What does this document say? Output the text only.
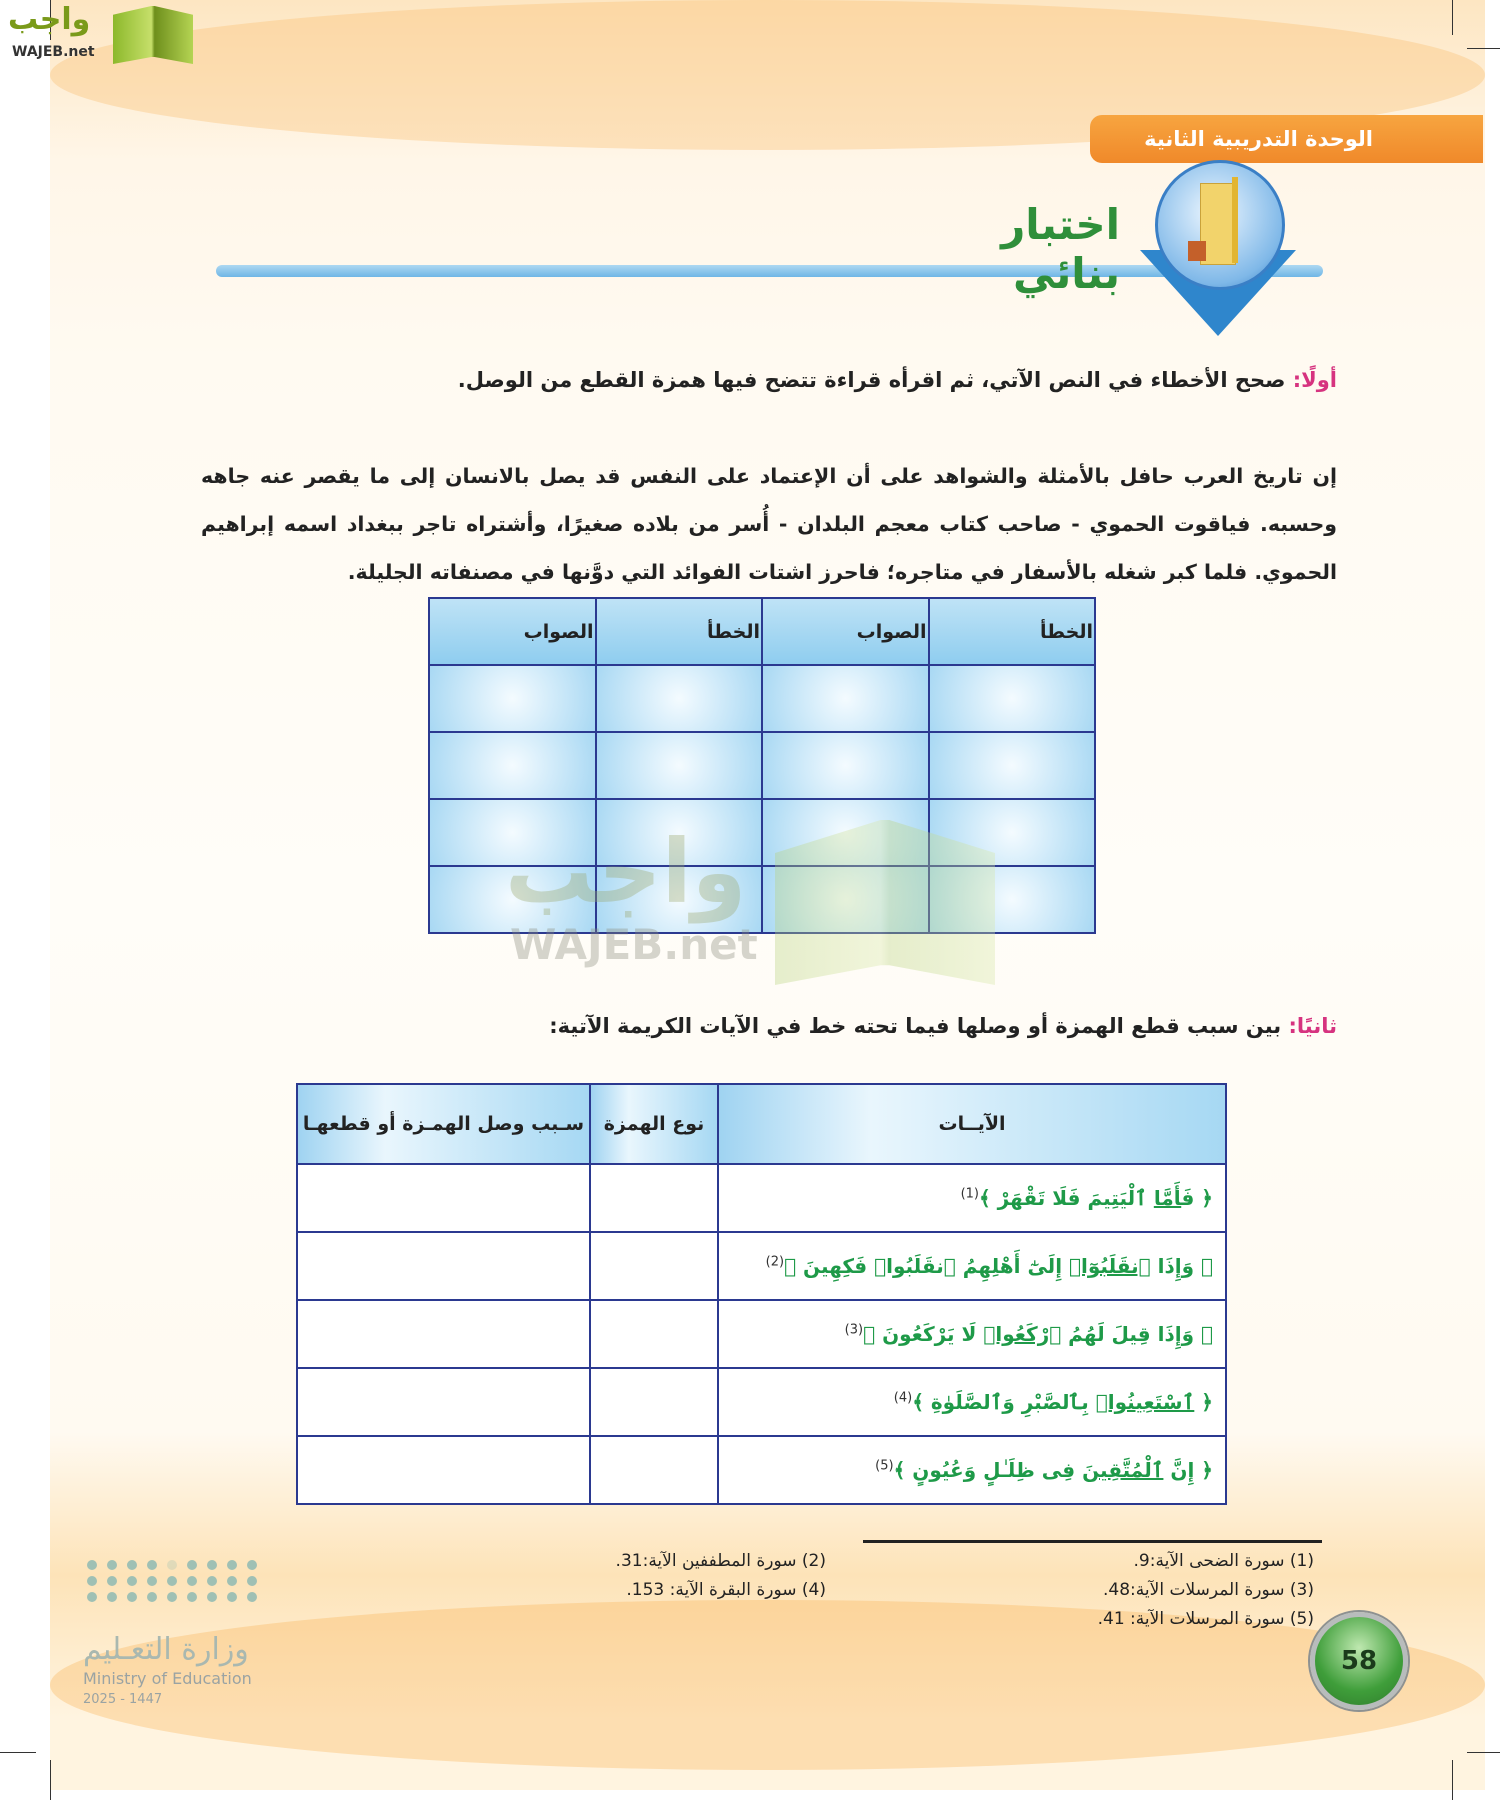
واجب
WAJEB.net
الوحدة التدريبية الثانية
اختبار بنائي
أولًا: صحح الأخطاء في النص الآتي، ثم اقرأه قراءة تتضح فيها همزة القطع من الوصل.
إن تاريخ العرب حافل بالأمثلة والشواهد على أن الإعتماد على النفس قد يصل بالانسان إلى ما يقصر عنه جاهه وحسبه. فياقوت الحموي - صاحب كتاب معجم البلدان - أُسر من بلاده صغيرًا، وأشتراه تاجر ببغداد اسمه إبراهيم الحموي. فلما كبر شغله بالأسفار في متاجره؛ فاحرز اشتات الفوائد التي دوَّنها في مصنفاته الجليلة.
الخطأ	الصواب	الخطأ	الصواب

واجب
WAJEB.net
ثانيًا: بين سبب قطع الهمزة أو وصلها فيما تحته خط في الآيات الكريمة الآتية:
الآيــات	نوع الهمزة	سـبب وصل الهمـزة أو قطعهـا
﴿ فَأَمَّا ٱلْيَتِيمَ فَلَا تَقْهَرْ ﴾$^{(1)}$		
﴿ وَإِذَا ٱنقَلَبُوٓا۟ إِلَىٰٓ أَهْلِهِمُ ٱنقَلَبُوا۟ فَكِهِينَ ﴾$^{(2)}$		
﴿ وَإِذَا قِيلَ لَهُمُ ٱرْكَعُوا۟ لَا يَرْكَعُونَ ﴾$^{(3)}$		
﴿ ٱسْتَعِينُوا۟ بِٱلصَّبْرِ وَٱلصَّلَوٰةِ ﴾$^{(4)}$		
﴿ إِنَّ ٱلْمُتَّقِينَ فِى ظِلَـٰلٍ وَعُيُونٍ ﴾$^{(5)}$		
(1) سورة الضحى الآية:9.
(2) سورة المطففين الآية:31.
(3) سورة المرسلات الآية:48.
(4) سورة البقرة الآية: 153.
(5) سورة المرسلات الآية: 41.
58
وزارة التعـليم
Ministry of Education
2025 - 1447
